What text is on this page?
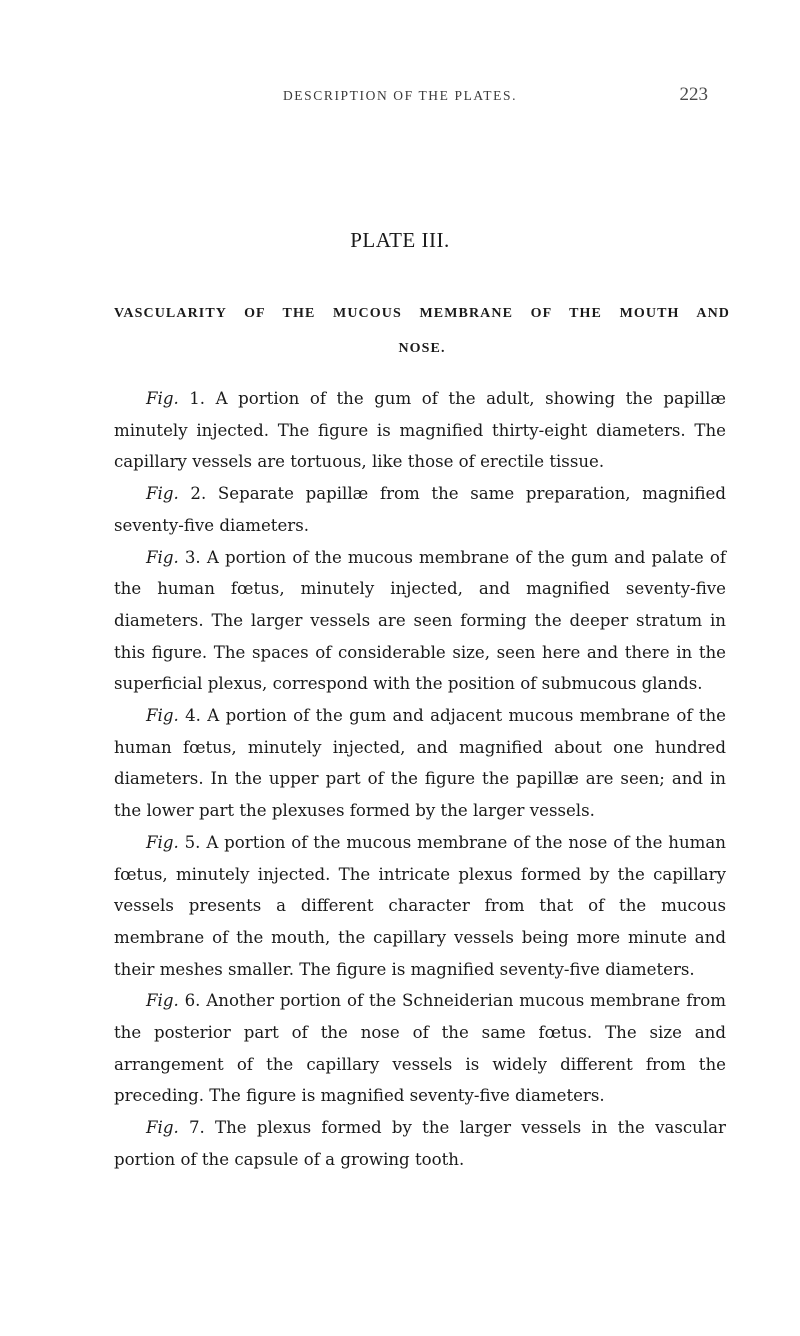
DESCRIPTION OF THE PLATES.	223
PLATE III.
VASCULARITY OF THE MUCOUS MEMBRANE OF THE MOUTH AND
NOSE.

Fig. 1. A portion of the gum of the adult, showing the papillæ minutely injected. The figure is magnified thirty-eight diameters. The capillary vessels are tortuous, like those of erectile tissue.

Fig. 2. Separate papillæ from the same preparation, magnified seventy-five diameters.

Fig. 3. A portion of the mucous membrane of the gum and palate of the human fœtus, minutely injected, and magnified seventy-five diameters. The larger vessels are seen forming the deeper stratum in this figure. The spaces of considerable size, seen here and there in the superficial plexus, correspond with the position of submucous glands.

Fig. 4. A portion of the gum and adjacent mucous membrane of the human fœtus, minutely injected, and magnified about one hundred diameters. In the upper part of the figure the papillæ are seen; and in the lower part the plexuses formed by the larger vessels.

Fig. 5. A portion of the mucous membrane of the nose of the human fœtus, minutely injected. The intricate plexus formed by the capillary vessels presents a different character from that of the mucous membrane of the mouth, the capillary vessels being more minute and their meshes smaller. The figure is magnified seventy-five diameters.

Fig. 6. Another portion of the Schneiderian mucous membrane from the posterior part of the nose of the same fœtus. The size and arrangement of the capillary vessels is widely different from the preceding. The figure is magnified seventy-five diameters.

Fig. 7. The plexus formed by the larger vessels in the vascular portion of the capsule of a growing tooth.
